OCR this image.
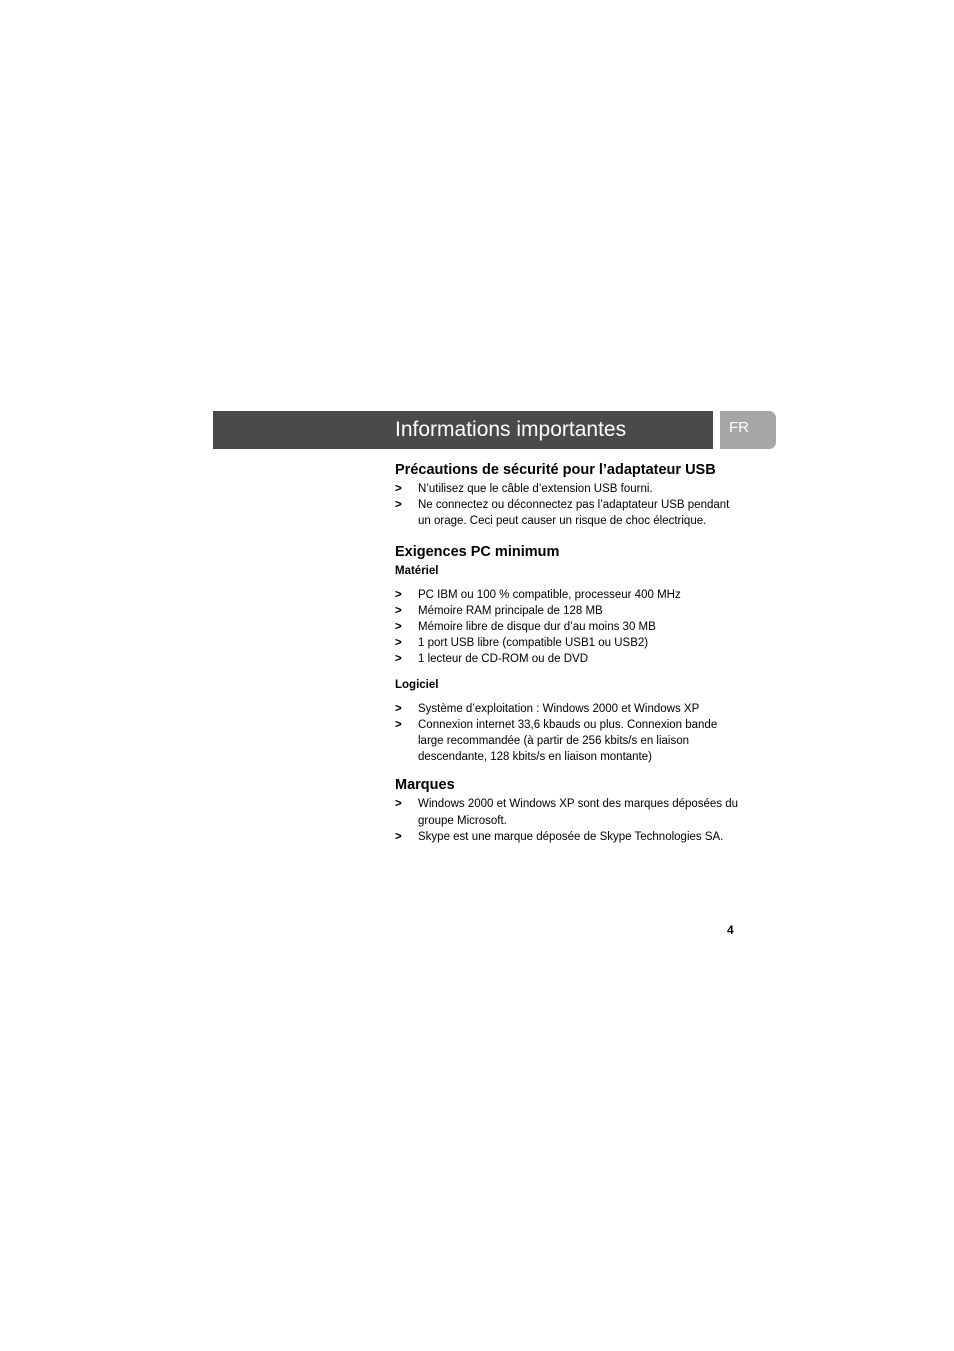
Informations importantes	FR
Précautions de sécurité pour l’adaptateur USB
> N’utilisez que le câble d’extension USB fourni.
> Ne connectez ou déconnectez pas l’adaptateur USB pendant un orage. Ceci peut causer un risque de choc électrique.
Exigences PC minimum
Matériel
> PC IBM ou 100 % compatible, processeur 400 MHz
> Mémoire RAM principale de 128 MB
> Mémoire libre de disque dur d’au moins 30 MB
> 1 port USB libre (compatible USB1 ou USB2)
> 1 lecteur de CD-ROM ou de DVD
Logiciel
> Système d’exploitation : Windows 2000 et Windows XP
> Connexion internet 33,6 kbauds ou plus. Connexion bande large recommandée (à partir de 256 kbits/s en liaison descendante, 128 kbits/s en liaison montante)
Marques
> Windows 2000 et Windows XP sont des marques déposées du groupe Microsoft.
> Skype est une marque déposée de Skype Technologies SA.
4
